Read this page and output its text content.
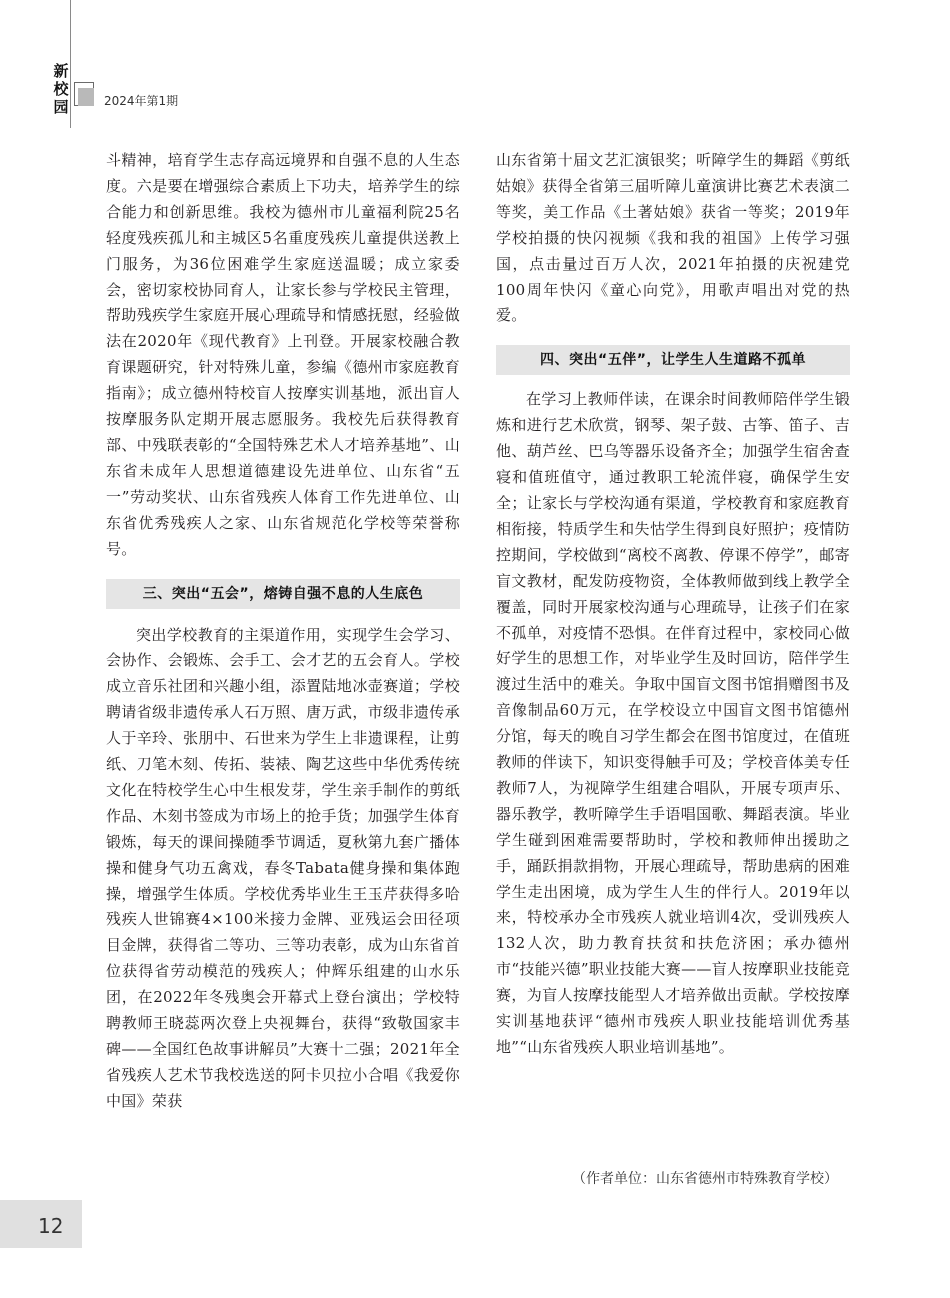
新
校
园	2024年第1期

斗精神，培育学生志存高远境界和自强不息的人生态度。六是要在增强综合素质上下功夫，培养学生的综合能力和创新思维。我校为德州市儿童福利院25名轻度残疾孤儿和主城区5名重度残疾儿童提供送教上门服务，为36位困难学生家庭送温暖；成立家委会，密切家校协同育人，让家长参与学校民主管理，帮助残疾学生家庭开展心理疏导和情感抚慰，经验做法在2020年《现代教育》上刊登。开展家校融合教育课题研究，针对特殊儿童，参编《德州市家庭教育指南》；成立德州特校盲人按摩实训基地，派出盲人按摩服务队定期开展志愿服务。我校先后获得教育部、中残联表彰的“全国特殊艺术人才培养基地”、山东省未成年人思想道德建设先进单位、山东省“五一”劳动奖状、山东省残疾人体育工作先进单位、山东省优秀残疾人之家、山东省规范化学校等荣誉称号。

三、突出“五会”，熔铸自强不息的人生底色

突出学校教育的主渠道作用，实现学生会学习、会协作、会锻炼、会手工、会才艺的五会育人。学校成立音乐社团和兴趣小组，添置陆地冰壶赛道；学校聘请省级非遗传承人石万照、唐万武，市级非遗传承人于辛玲、张朋中、石世来为学生上非遗课程，让剪纸、刀笔木刻、传拓、装裱、陶艺这些中华优秀传统文化在特校学生心中生根发芽，学生亲手制作的剪纸作品、木刻书签成为市场上的抢手货；加强学生体育锻炼，每天的课间操随季节调适，夏秋第九套广播体操和健身气功五禽戏，春冬Tabata健身操和集体跑操，增强学生体质。学校优秀毕业生王玉芹获得多哈残疾人世锦赛4×100米接力金牌、亚残运会田径项目金牌，获得省二等功、三等功表彰，成为山东省首位获得省劳动模范的残疾人；仲辉乐组建的山水乐团，在2022年冬残奥会开幕式上登台演出；学校特聘教师王晓蕊两次登上央视舞台，获得“致敬国家丰碑——全国红色故事讲解员”大赛十二强；2021年全省残疾人艺术节我校选送的阿卡贝拉小合唱《我爱你中国》荣获

山东省第十届文艺汇演银奖；听障学生的舞蹈《剪纸姑娘》获得全省第三届听障儿童演讲比赛艺术表演二等奖，美工作品《土著姑娘》获省一等奖；2019年学校拍摄的快闪视频《我和我的祖国》上传学习强国，点击量过百万人次，2021年拍摄的庆祝建党100周年快闪《童心向党》，用歌声唱出对党的热爱。

四、突出“五伴”，让学生人生道路不孤单

在学习上教师伴读，在课余时间教师陪伴学生锻炼和进行艺术欣赏，钢琴、架子鼓、古筝、笛子、吉他、葫芦丝、巴乌等器乐设备齐全；加强学生宿舍查寝和值班值守，通过教职工轮流伴寝，确保学生安全；让家长与学校沟通有渠道，学校教育和家庭教育相衔接，特质学生和失怙学生得到良好照护；疫情防控期间，学校做到“离校不离教、停课不停学”，邮寄盲文教材，配发防疫物资，全体教师做到线上教学全覆盖，同时开展家校沟通与心理疏导，让孩子们在家不孤单，对疫情不恐惧。在伴育过程中，家校同心做好学生的思想工作，对毕业学生及时回访，陪伴学生渡过生活中的难关。争取中国盲文图书馆捐赠图书及音像制品60万元，在学校设立中国盲文图书馆德州分馆，每天的晚自习学生都会在图书馆度过，在值班教师的伴读下，知识变得触手可及；学校音体美专任教师7人，为视障学生组建合唱队，开展专项声乐、器乐教学，教听障学生手语唱国歌、舞蹈表演。毕业学生碰到困难需要帮助时，学校和教师伸出援助之手，踊跃捐款捐物，开展心理疏导，帮助患病的困难学生走出困境，成为学生人生的伴行人。2019年以来，特校承办全市残疾人就业培训4次，受训残疾人132人次，助力教育扶贫和扶危济困；承办德州市“技能兴德”职业技能大赛——盲人按摩职业技能竞赛，为盲人按摩技能型人才培养做出贡献。学校按摩实训基地获评“德州市残疾人职业技能培训优秀基地”“山东省残疾人职业培训基地”。

（作者单位：山东省德州市特殊教育学校）
12
